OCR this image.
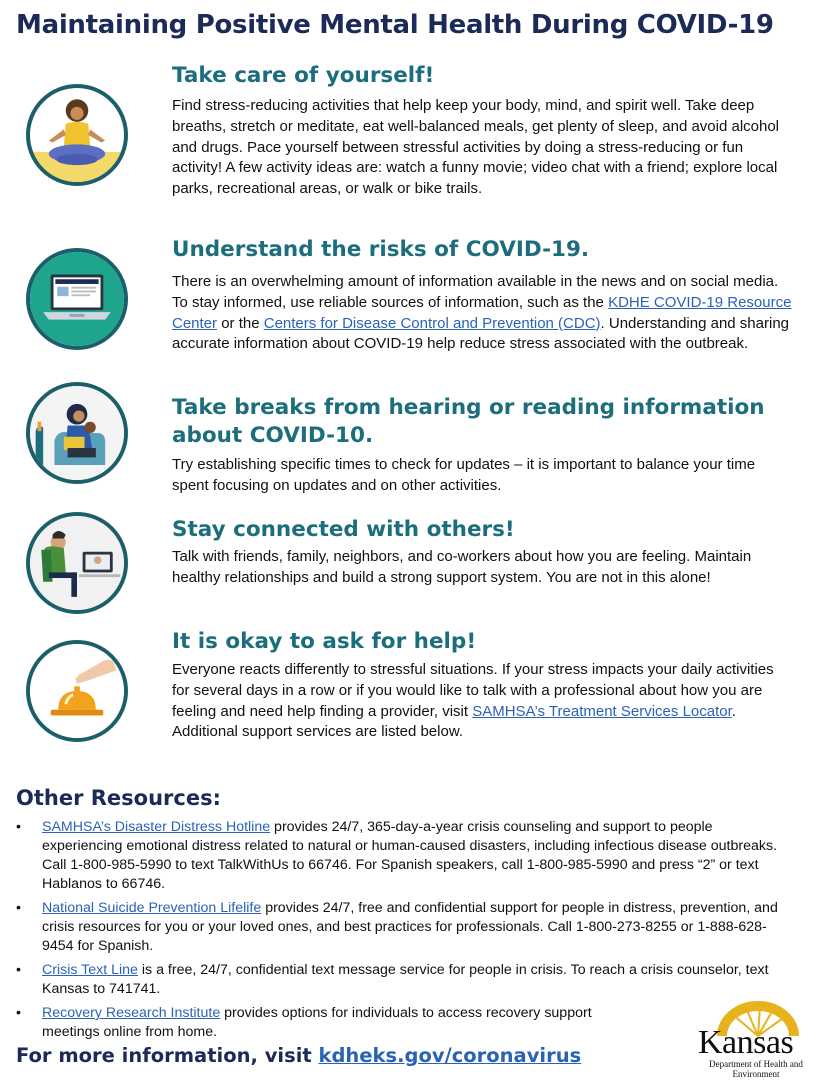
Maintaining Positive Mental Health During COVID-19
Take care of yourself!

Find stress-reducing activities that help keep your body, mind, and spirit well. Take deep breaths, stretch or meditate, eat well-balanced meals, get plenty of sleep, and avoid alcohol and drugs. Pace yourself between stressful activities by doing a stress-reducing or fun activity! A few activity ideas are: watch a funny movie; video chat with a friend; explore local parks, recreational areas, or walk or bike trails.

Understand the risks of COVID-19.

There is an overwhelming amount of information available in the news and on social media. To stay informed, use reliable sources of information, such as the KDHE COVID-19 Resource Center or the Centers for Disease Control and Prevention (CDC). Understanding and sharing accurate information about COVID-19 help reduce stress associated with the outbreak.

Take breaks from hearing or reading information about COVID-10.

Try establishing specific times to check for updates – it is important to balance your time spent focusing on updates and on other activities.

Stay connected with others!

Talk with friends, family, neighbors, and co-workers about how you are feeling. Maintain healthy relationships and build a strong support system. You are not in this alone!

It is okay to ask for help!

Everyone reacts differently to stressful situations. If your stress impacts your daily activities for several days in a row or if you would like to talk with a professional about how you are feeling and need help finding a provider, visit SAMHSA’s Treatment Services Locator. Additional support services are listed below.

Other Resources:
• SAMHSA’s Disaster Distress Hotline provides 24/7, 365-day-a-year crisis counseling and support to people experiencing emotional distress related to natural or human-caused disasters, including infectious disease outbreaks. Call 1-800-985-5990 to text TalkWithUs to 66746. For Spanish speakers, call 1-800-985-5990 and press “2” or text Hablanos to 66746.
• National Suicide Prevention Lifelife provides 24/7, free and confidential support for people in distress, prevention, and crisis resources for you or your loved ones, and best practices for professionals. Call 1-800-273-8255 or 1-888-628-9454 for Spanish.
• Crisis Text Line is a free, 24/7, confidential text message service for people in crisis. To reach a crisis counselor, text Kansas to 741741.
• Recovery Research Institute provides options for individuals to access recovery support meetings online from home.

For more information, visit kdheks.gov/coronavirus	Kansas
Department of Health and Environment
